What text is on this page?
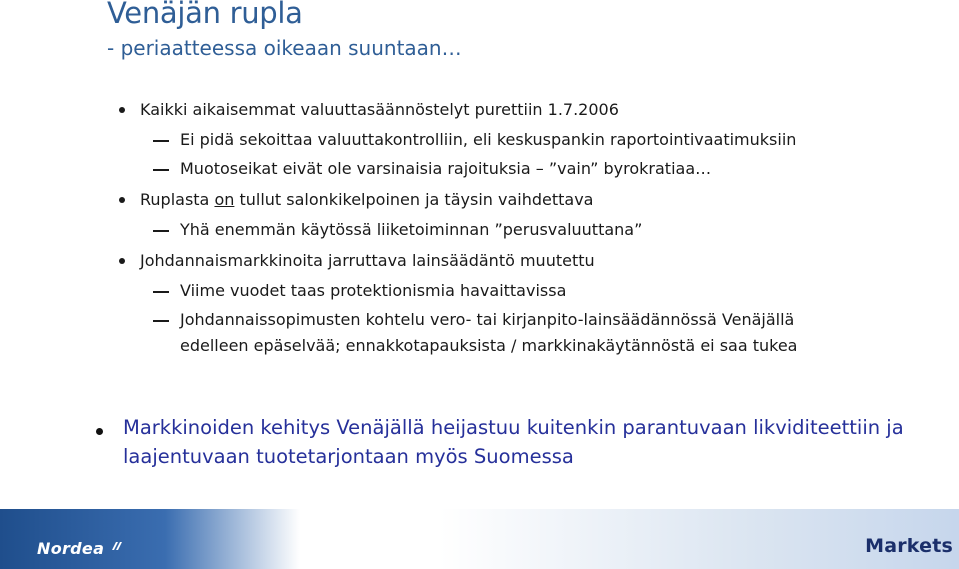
Venäjän rupla
- periaatteessa oikeaan suuntaan…
Kaikki aikaisemmat valuuttasäännöstelyt purettiin 1.7.2006
Ei pidä sekoittaa valuuttakontrolliin, eli keskuspankin raportointivaatimuksiin
Muotoseikat eivät ole varsinaisia rajoituksia – ”vain” byrokratiaa…
Ruplasta on tullut salonkikelpoinen ja täysin vaihdettava
Yhä enemmän käytössä liiketoiminnan ”perusvaluuttana”
Johdannaismarkkinoita jarruttava lainsäädäntö muutettu
Viime vuodet taas protektionismia havaittavissa
Johdannaissopimusten kohtelu vero- tai kirjanpito-lainsäädännössä Venäjällä
edelleen epäselvää; ennakkotapauksista / markkinakäytännöstä ei saa tukea
Markkinoiden kehitys Venäjällä heijastuu kuitenkin parantuvaan likviditeettiin ja
laajentuvaan tuotetarjontaan myös Suomessa
Nordea	Markets
